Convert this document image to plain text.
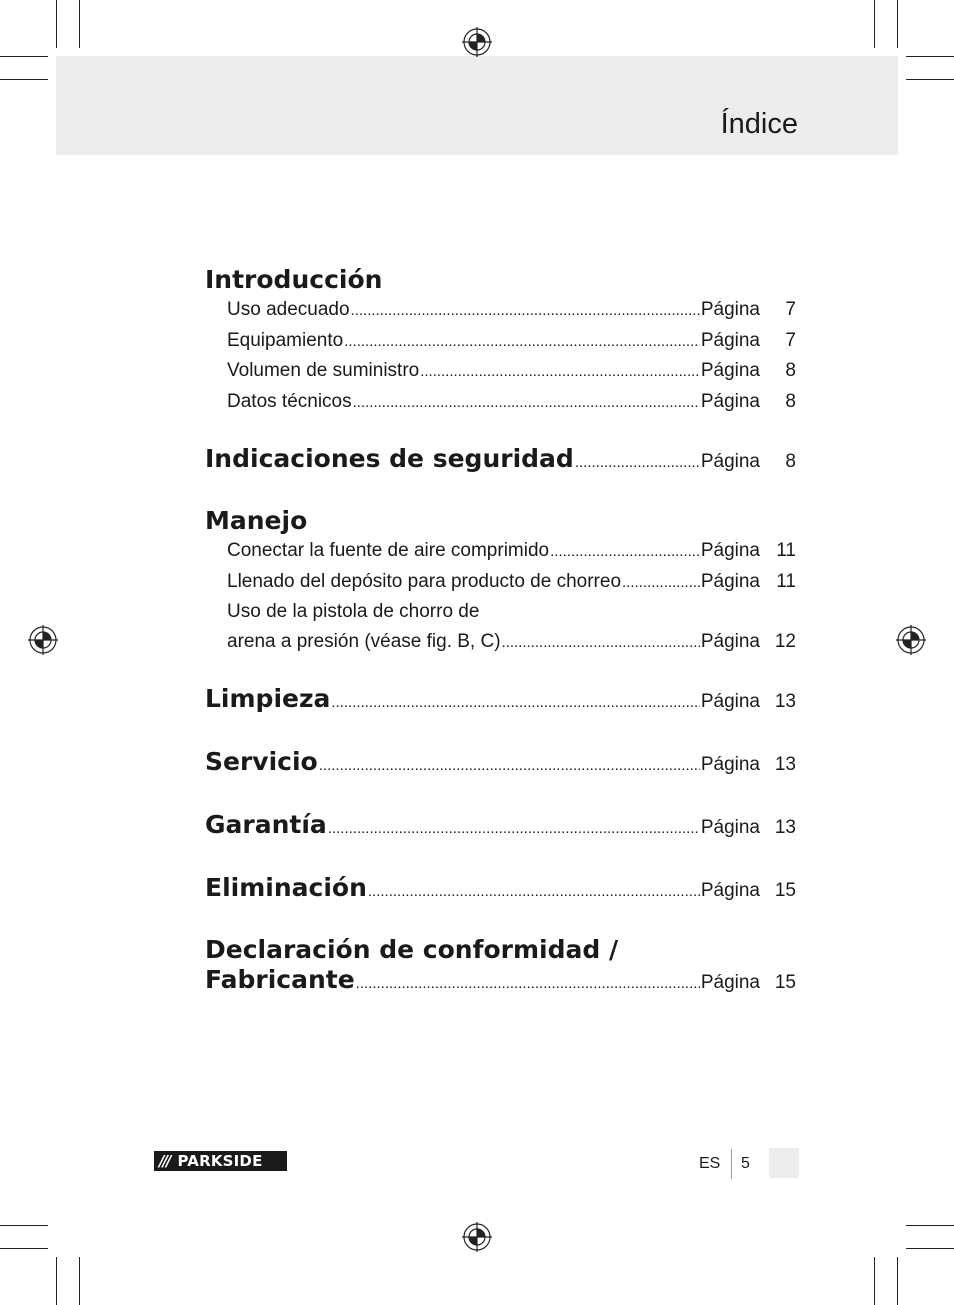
Índice
Introducción
Uso adecuado .....	Página	7
Equipamiento .....	Página	7
Volumen de suministro .....	Página	8
Datos técnicos .....	Página	8
Indicaciones de seguridad .....	Página	8
Manejo
Conectar la fuente de aire comprimido .....	Página 11
Llenado del depósito para producto de chorreo .....	Página 11
Uso de la pistola de chorro de
arena a presión (véase fig. B, C) .....	Página 12
Limpieza .....	Página 13
Servicio .....	Página 13
Garantía .....	Página 13
Eliminación .....	Página 15
Declaración de conformidad /
Fabricante .....	Página 15
/// PARKSIDE	ES 5
